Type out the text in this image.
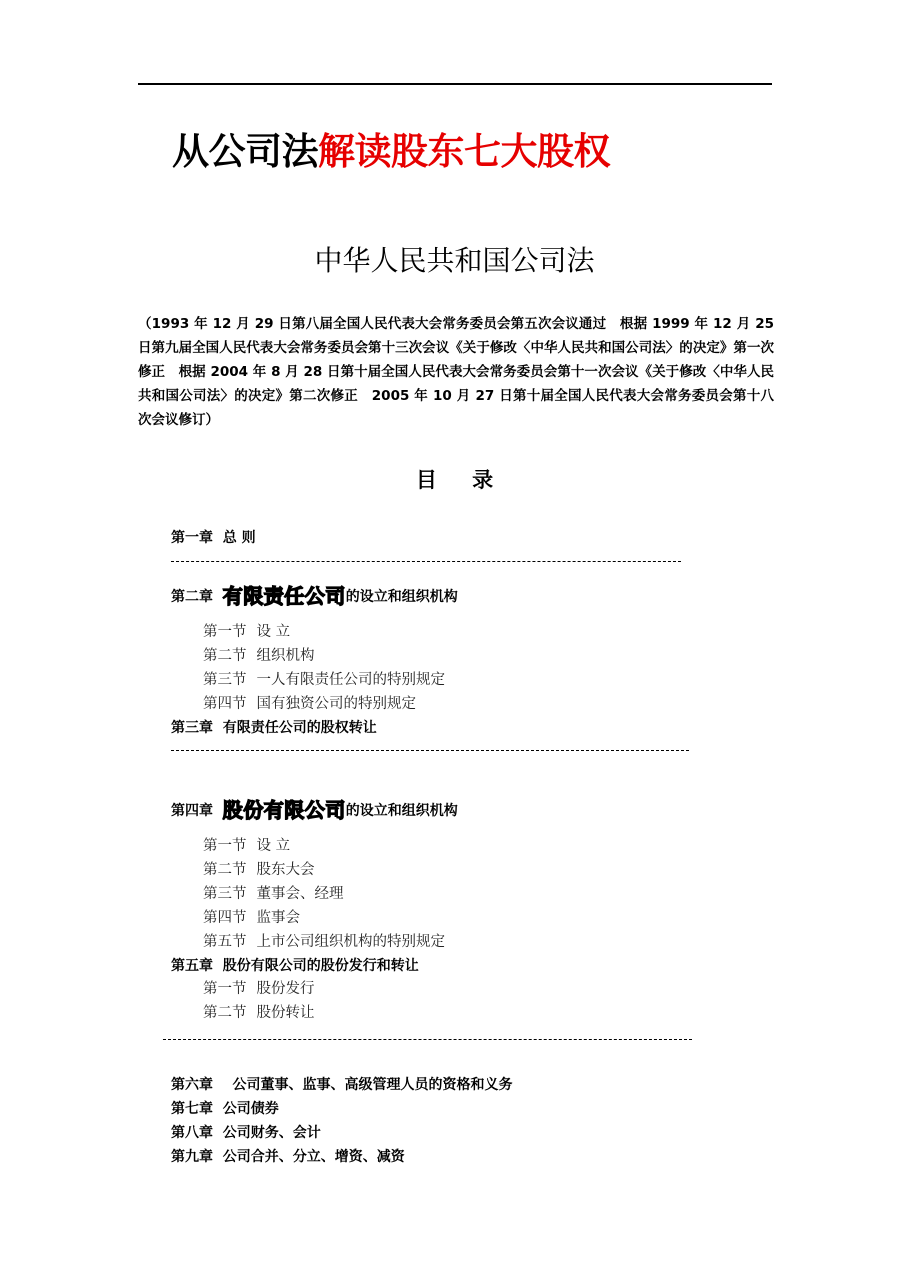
从公司法解读股东七大股权
中华人民共和国公司法
（1993 年 12 月 29 日第八届全国人民代表大会常务委员会第五次会议通过　根据 1999 年 12 月 25 日第九届全国人民代表大会常务委员会第十三次会议《关于修改〈中华人民共和国公司法〉的决定》第一次修正　根据 2004 年 8 月 28 日第十届全国人民代表大会常务委员会第十一次会议《关于修改〈中华人民共和国公司法〉的决定》第二次修正　2005 年 10 月 27 日第十届全国人民代表大会常务委员会第十八次会议修订）
目 录
第一章 总 则
第二章 有限责任公司的设立和组织机构
第一节 设 立
第二节 组织机构
第三节 一人有限责任公司的特别规定
第四节 国有独资公司的特别规定
第三章 有限责任公司的股权转让
第四章 股份有限公司的设立和组织机构
第一节 设 立
第二节 股东大会
第三节 董事会、经理
第四节 监事会
第五节 上市公司组织机构的特别规定
第五章 股份有限公司的股份发行和转让
第一节 股份发行
第二节 股份转让
第六章 公司董事、监事、高级管理人员的资格和义务
第七章 公司债券
第八章 公司财务、会计
第九章 公司合并、分立、增资、减资
